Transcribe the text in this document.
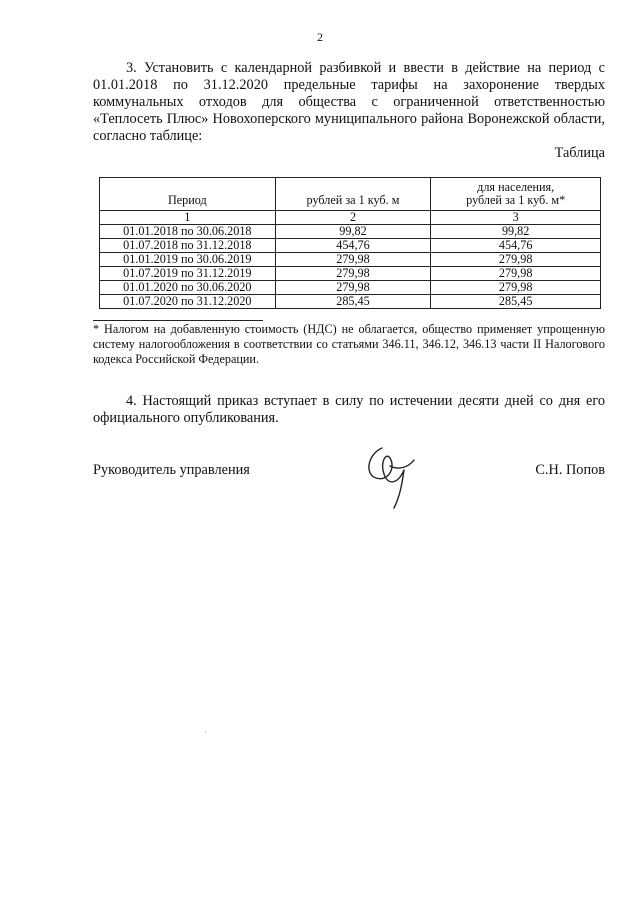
2

3. Установить с календарной разбивкой и ввести в действие на период с 01.01.2018 по 31.12.2020 предельные тарифы на захоронение твердых коммунальных отходов для общества с ограниченной ответственностью «Теплосеть Плюс» Новохоперского муниципального района Воронежской области, согласно таблице:

Таблица
Период	рублей за 1 куб. м	для населения,
рублей за 1 куб. м*
1	2	3
01.01.2018 по 30.06.2018	99,82	99,82
01.07.2018 по 31.12.2018	454,76	454,76
01.01.2019 по 30.06.2019	279,98	279,98
01.07.2019 по 31.12.2019	279,98	279,98
01.01.2020 по 30.06.2020	279,98	279,98
01.07.2020 по 31.12.2020	285,45	285,45

* Налогом на добавленную стоимость (НДС) не облагается, общество применяет упрощенную систему налогообложения в соответствии со статьями 346.11, 346.12, 346.13 части II Налогового кодекса Российской Федерации.

4. Настоящий приказ вступает в силу по истечении десяти дней со дня его официального опубликования.

Руководитель управления	С.Н. Попов
